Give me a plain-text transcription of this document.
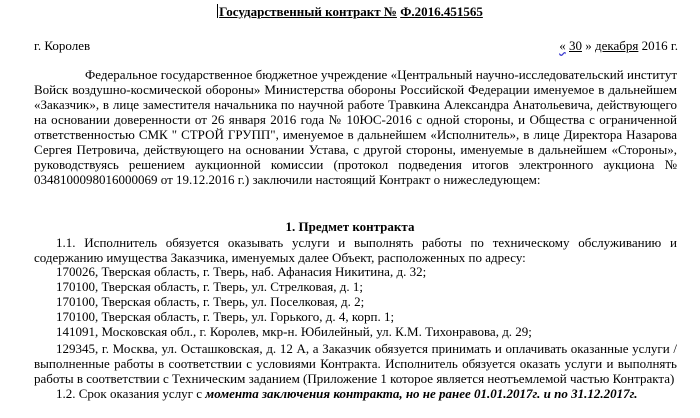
Государственный контракт № Ф.2016.451565
г. Королев	« 30 » декабря 2016 г.
Федеральное государственное бюджетное учреждение «Центральный научно-исследовательский институт Войск воздушно-космической обороны» Министерства обороны Российской Федерации именуемое в дальнейшем «Заказчик», в лице заместителя начальника по научной работе Травкина Александра Анатольевича, действующего на основании доверенности от 26 января 2016 года № 10ЮС-2016 с одной стороны, и Общества с ограниченной ответственностью СМК " СТРОЙ ГРУПП", именуемое в дальнейшем «Исполнитель», в лице Директора Назарова Сергея Петровича, действующего на основании Устава, с другой стороны, именуемые в дальнейшем «Стороны», руководствуясь решением аукционной комиссии (протокол подведения итогов электронного аукциона № 0348100098016000069 от 19.12.2016 г.) заключили настоящий Контракт о нижеследующем:
1. Предмет контракта
1.1. Исполнитель обязуется оказывать услуги и выполнять работы по техническому обслуживанию и содержанию имущества Заказчика, именуемых далее Объект, расположенных по адресу:
170026, Тверская область, г. Тверь, наб. Афанасия Никитина, д. 32;
170100, Тверская область, г. Тверь, ул. Стрелковая, д. 1;
170100, Тверская область, г. Тверь, ул. Поселковая, д. 2;
170100, Тверская область, г. Тверь, ул. Горького, д. 4, корп. 1;
141091, Московская обл., г. Королев, мкр-н. Юбилейный, ул. К.М. Тихонравова, д. 29;
129345, г. Москва, ул. Осташковская, д. 12 А, а Заказчик обязуется принимать и оплачивать оказанные услуги /выполненные работы в соответствии с условиями Контракта. Исполнитель обязуется оказать услуги и выполнять работы в соответствии с Техническим заданием (Приложение 1 которое является неотъемлемой частью Контракта)
1.2. Срок оказания услуг с моментa заключения контракта, но не ранее 01.01.2017г. и по 31.12.2017г.
